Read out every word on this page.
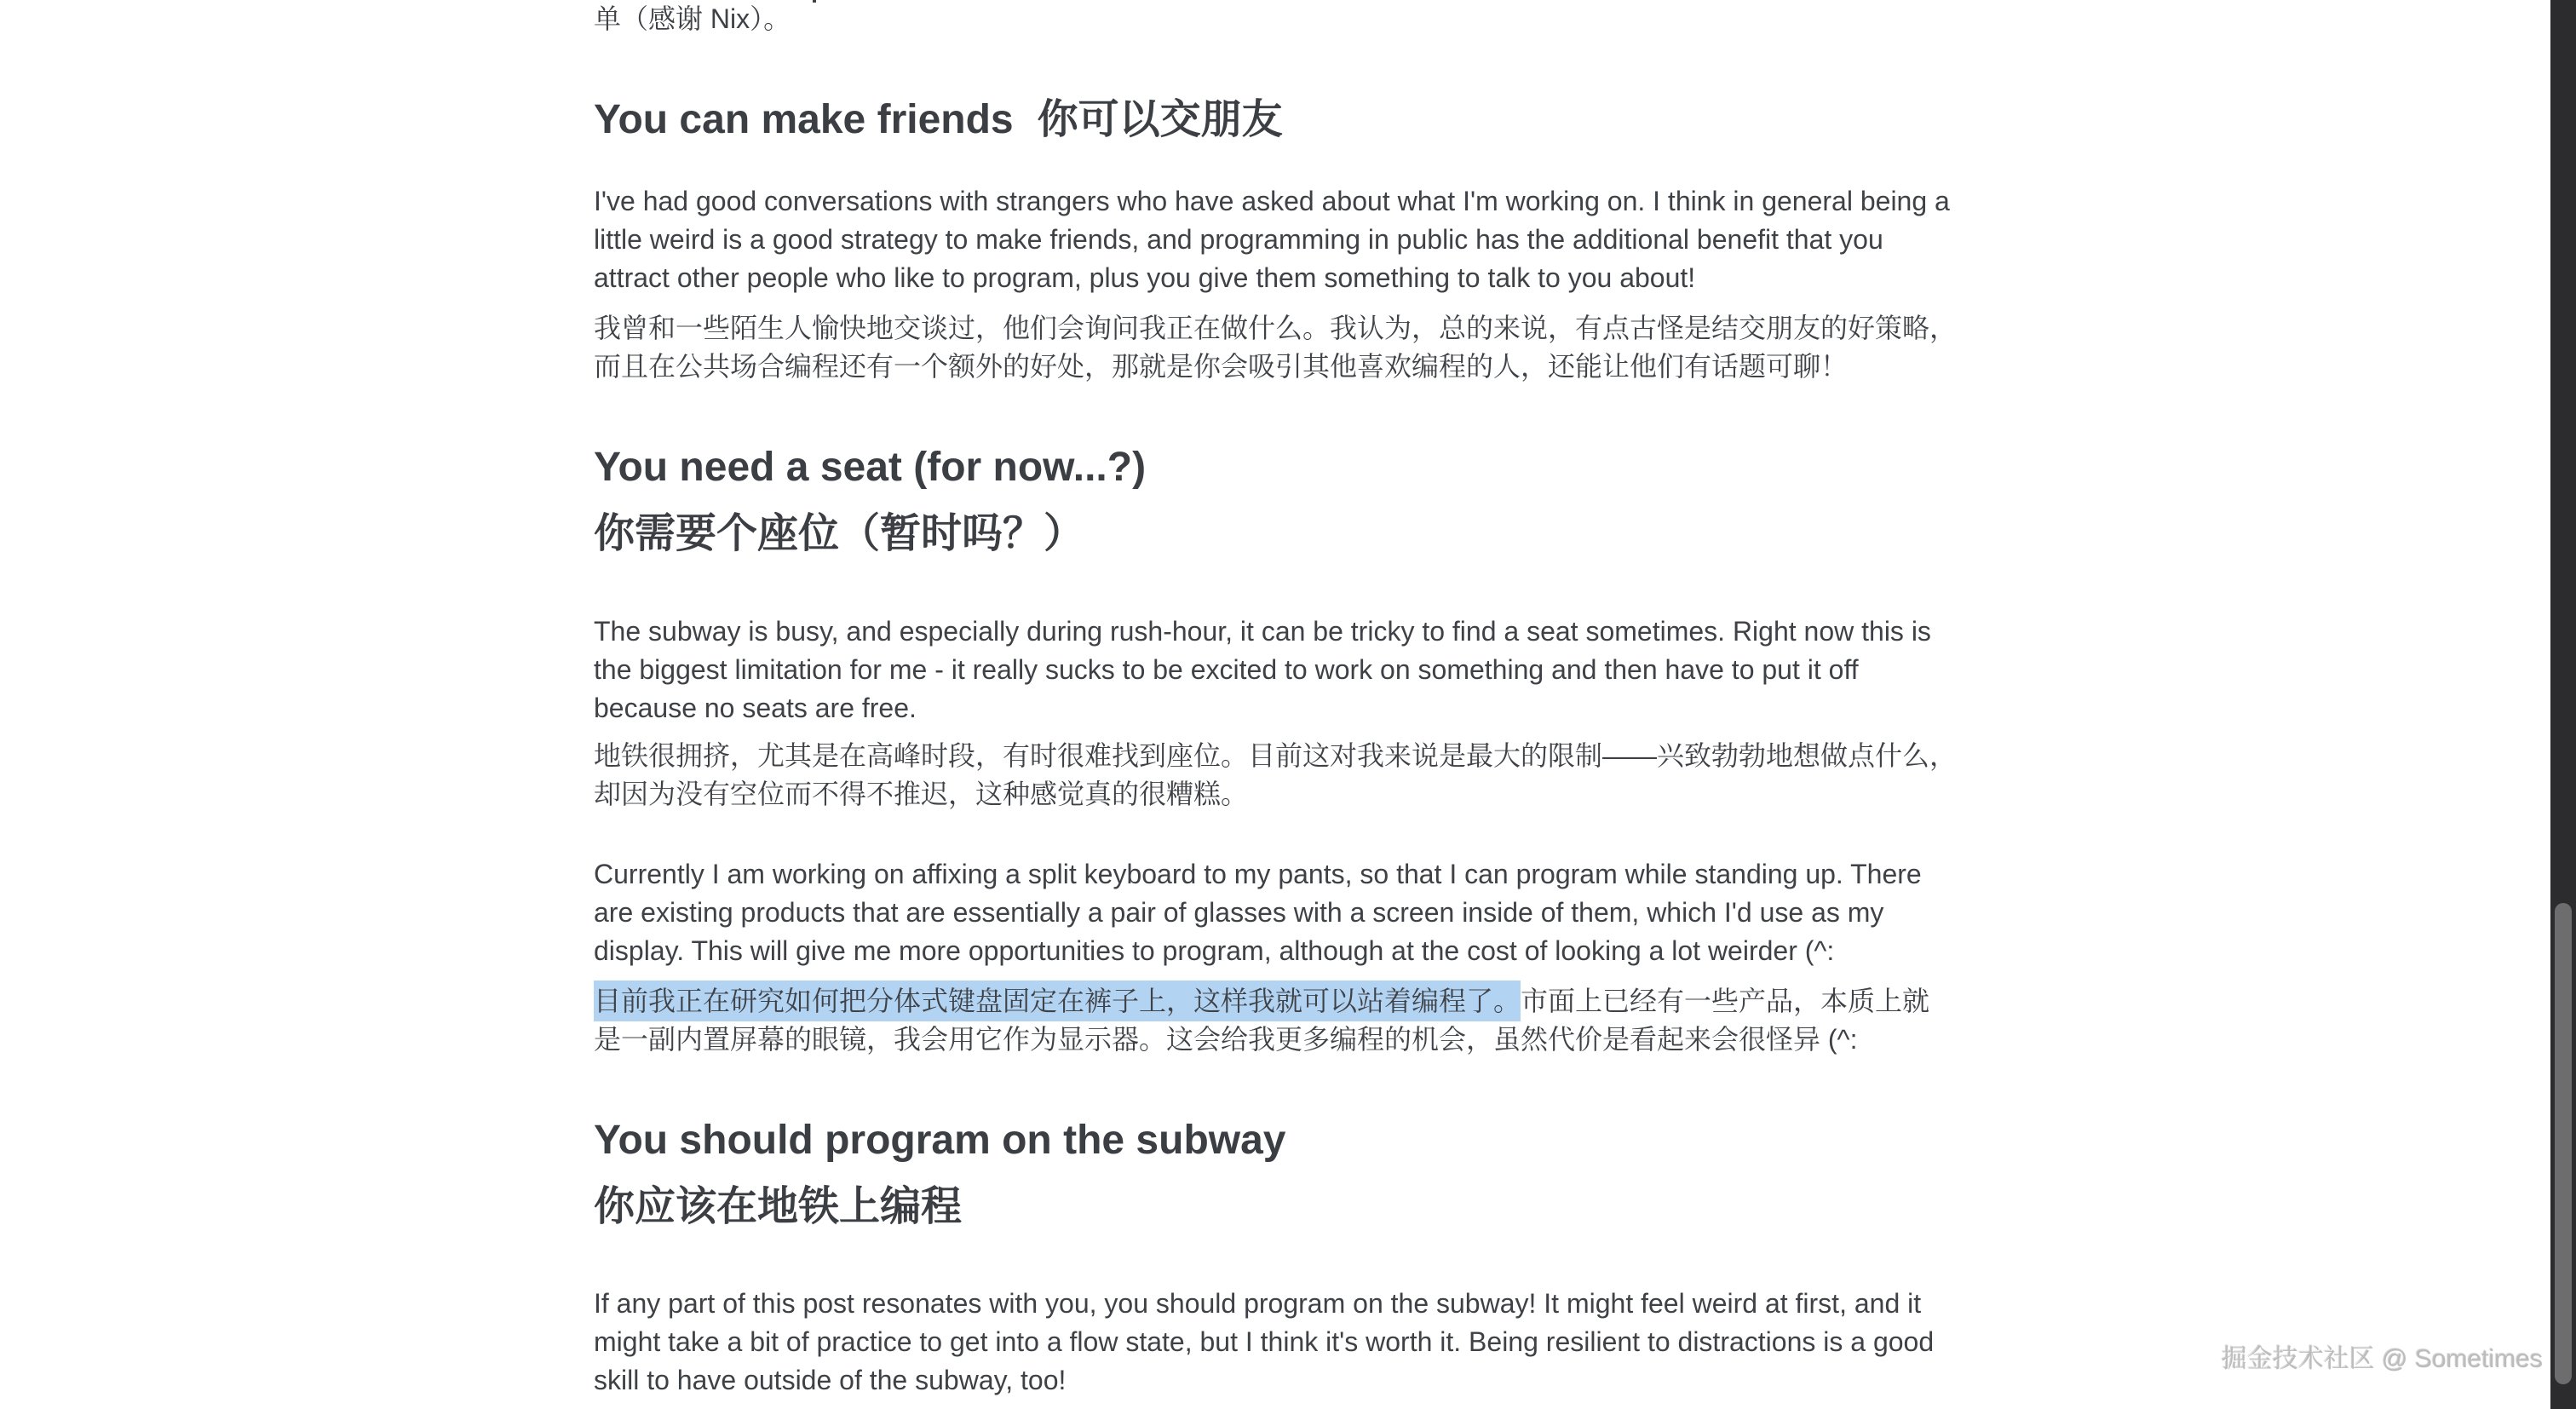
单（感谢 Nix）。

You can make friends 你可以交朋友

I've had good conversations with strangers who have asked about what I'm working on. I think in general being a little weird is a good strategy to make friends, and programming in public has the additional benefit that you attract other people who like to program, plus you give them something to talk to you about!

我曾和一些陌生人愉快地交谈过，他们会询问我正在做什么。我认为，总的来说，有点古怪是结交朋友的好策略，而且在公共场合编程还有一个额外的好处，那就是你会吸引其他喜欢编程的人，还能让他们有话题可聊！

You need a seat (for now...?)
你需要个座位（暂时吗？）

The subway is busy, and especially during rush-hour, it can be tricky to find a seat sometimes. Right now this is the biggest limitation for me - it really sucks to be excited to work on something and then have to put it off because no seats are free.

地铁很拥挤，尤其是在高峰时段，有时很难找到座位。目前这对我来说是最大的限制——兴致勃勃地想做点什么，却因为没有空位而不得不推迟，这种感觉真的很糟糕。

Currently I am working on affixing a split keyboard to my pants, so that I can program while standing up. There are existing products that are essentially a pair of glasses with a screen inside of them, which I'd use as my display. This will give me more opportunities to program, although at the cost of looking a lot weirder (^:

目前我正在研究如何把分体式键盘固定在裤子上，这样我就可以站着编程了。市面上已经有一些产品，本质上就是一副内置屏幕的眼镜，我会用它作为显示器。这会给我更多编程的机会，虽然代价是看起来会很怪异 (^:

You should program on the subway
你应该在地铁上编程

If any part of this post resonates with you, you should program on the subway! It might feel weird at first, and it might take a bit of practice to get into a flow state, but I think it's worth it. Being resilient to distractions is a good skill to have outside of the subway, too!

掘金技术社区 @ Sometimes
